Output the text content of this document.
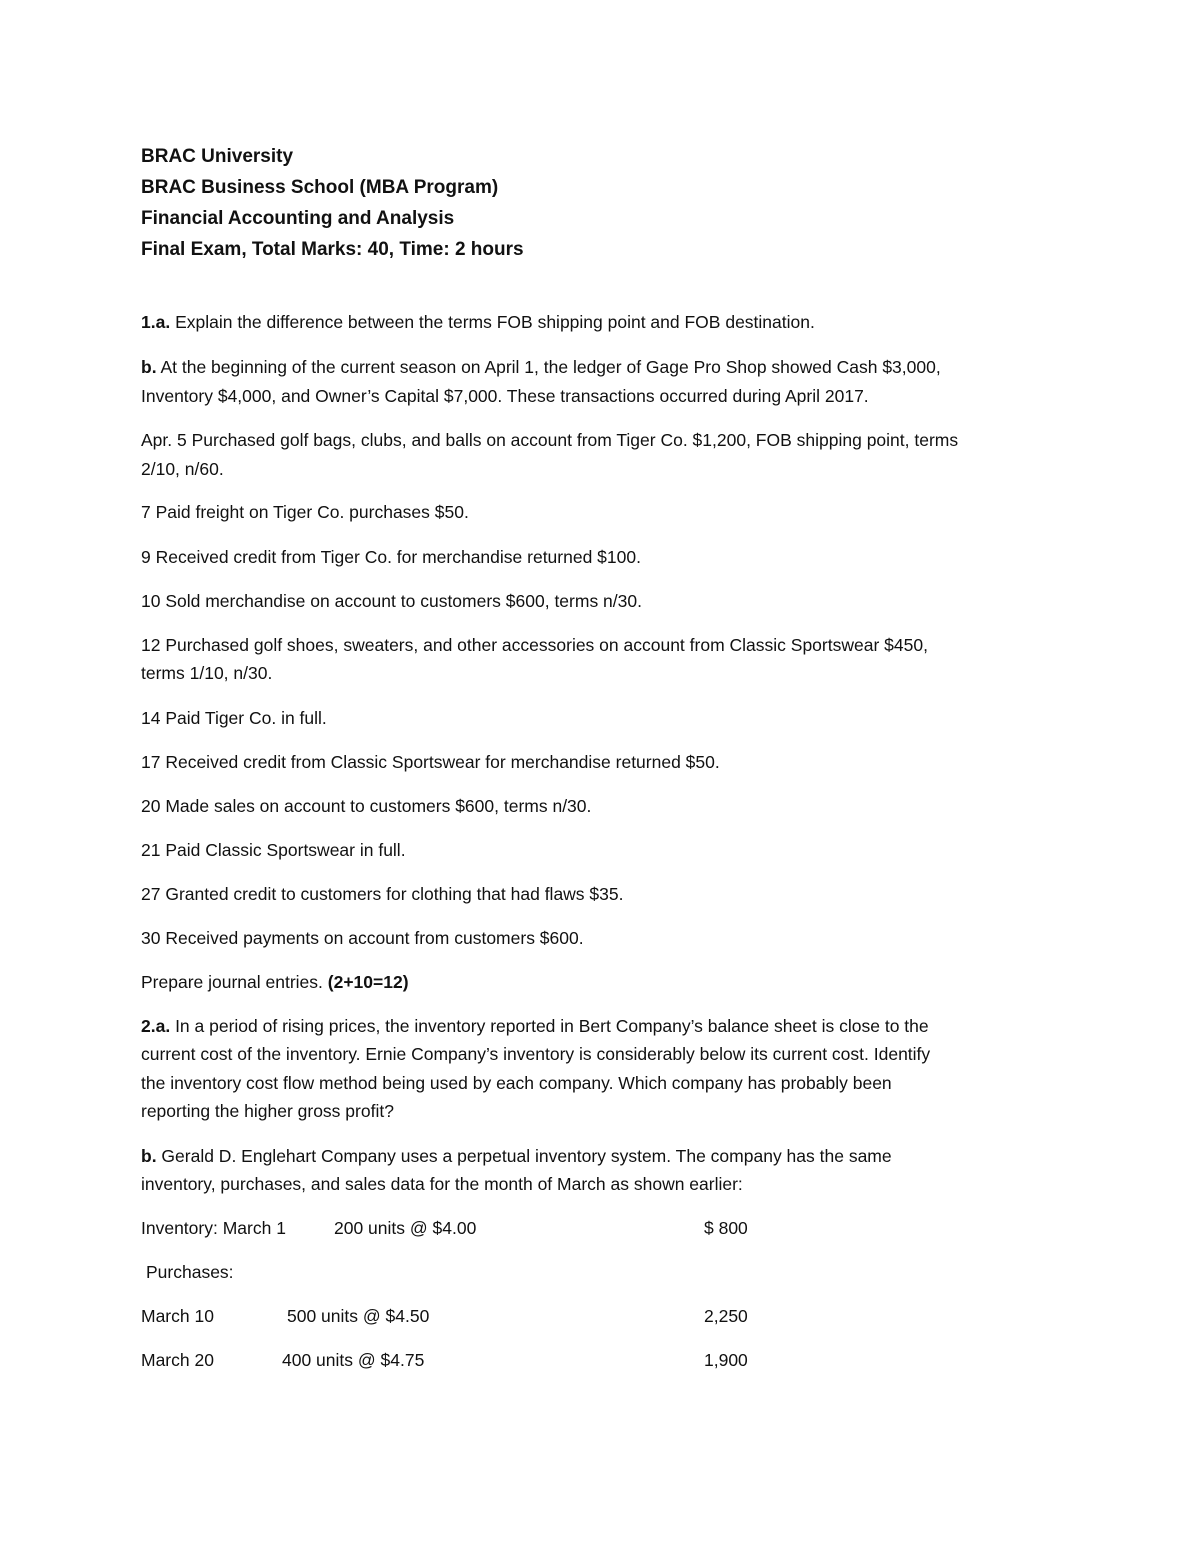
BRAC University

BRAC Business School (MBA Program)

Financial Accounting and Analysis

Final Exam, Total Marks: 40, Time: 2 hours

1.a. Explain the difference between the terms FOB shipping point and FOB destination.

b. At the beginning of the current season on April 1, the ledger of Gage Pro Shop showed Cash $3,000,

Inventory $4,000, and Owner’s Capital $7,000. These transactions occurred during April 2017.

Apr. 5 Purchased golf bags, clubs, and balls on account from Tiger Co. $1,200, FOB shipping point, terms

2/10, n/60.

7 Paid freight on Tiger Co. purchases $50.

9 Received credit from Tiger Co. for merchandise returned $100.

10 Sold merchandise on account to customers $600, terms n/30.

12 Purchased golf shoes, sweaters, and other accessories on account from Classic Sportswear $450,

terms 1/10, n/30.

14 Paid Tiger Co. in full.

17 Received credit from Classic Sportswear for merchandise returned $50.

20 Made sales on account to customers $600, terms n/30.

21 Paid Classic Sportswear in full.

27 Granted credit to customers for clothing that had flaws $35.

30 Received payments on account from customers $600.

Prepare journal entries. (2+10=12)

2.a. In a period of rising prices, the inventory reported in Bert Company’s balance sheet is close to the

current cost of the inventory. Ernie Company’s inventory is considerably below its current cost. Identify

the inventory cost flow method being used by each company. Which company has probably been

reporting the higher gross profit?

b. Gerald D. Englehart Company uses a perpetual inventory system. The company has the same

inventory, purchases, and sales data for the month of March as shown earlier:

Inventory: March 1	200 units @ $4.00	$ 800
Purchases:
March 10	500 units @ $4.50	2,250
March 20	400 units @ $4.75	1,900
